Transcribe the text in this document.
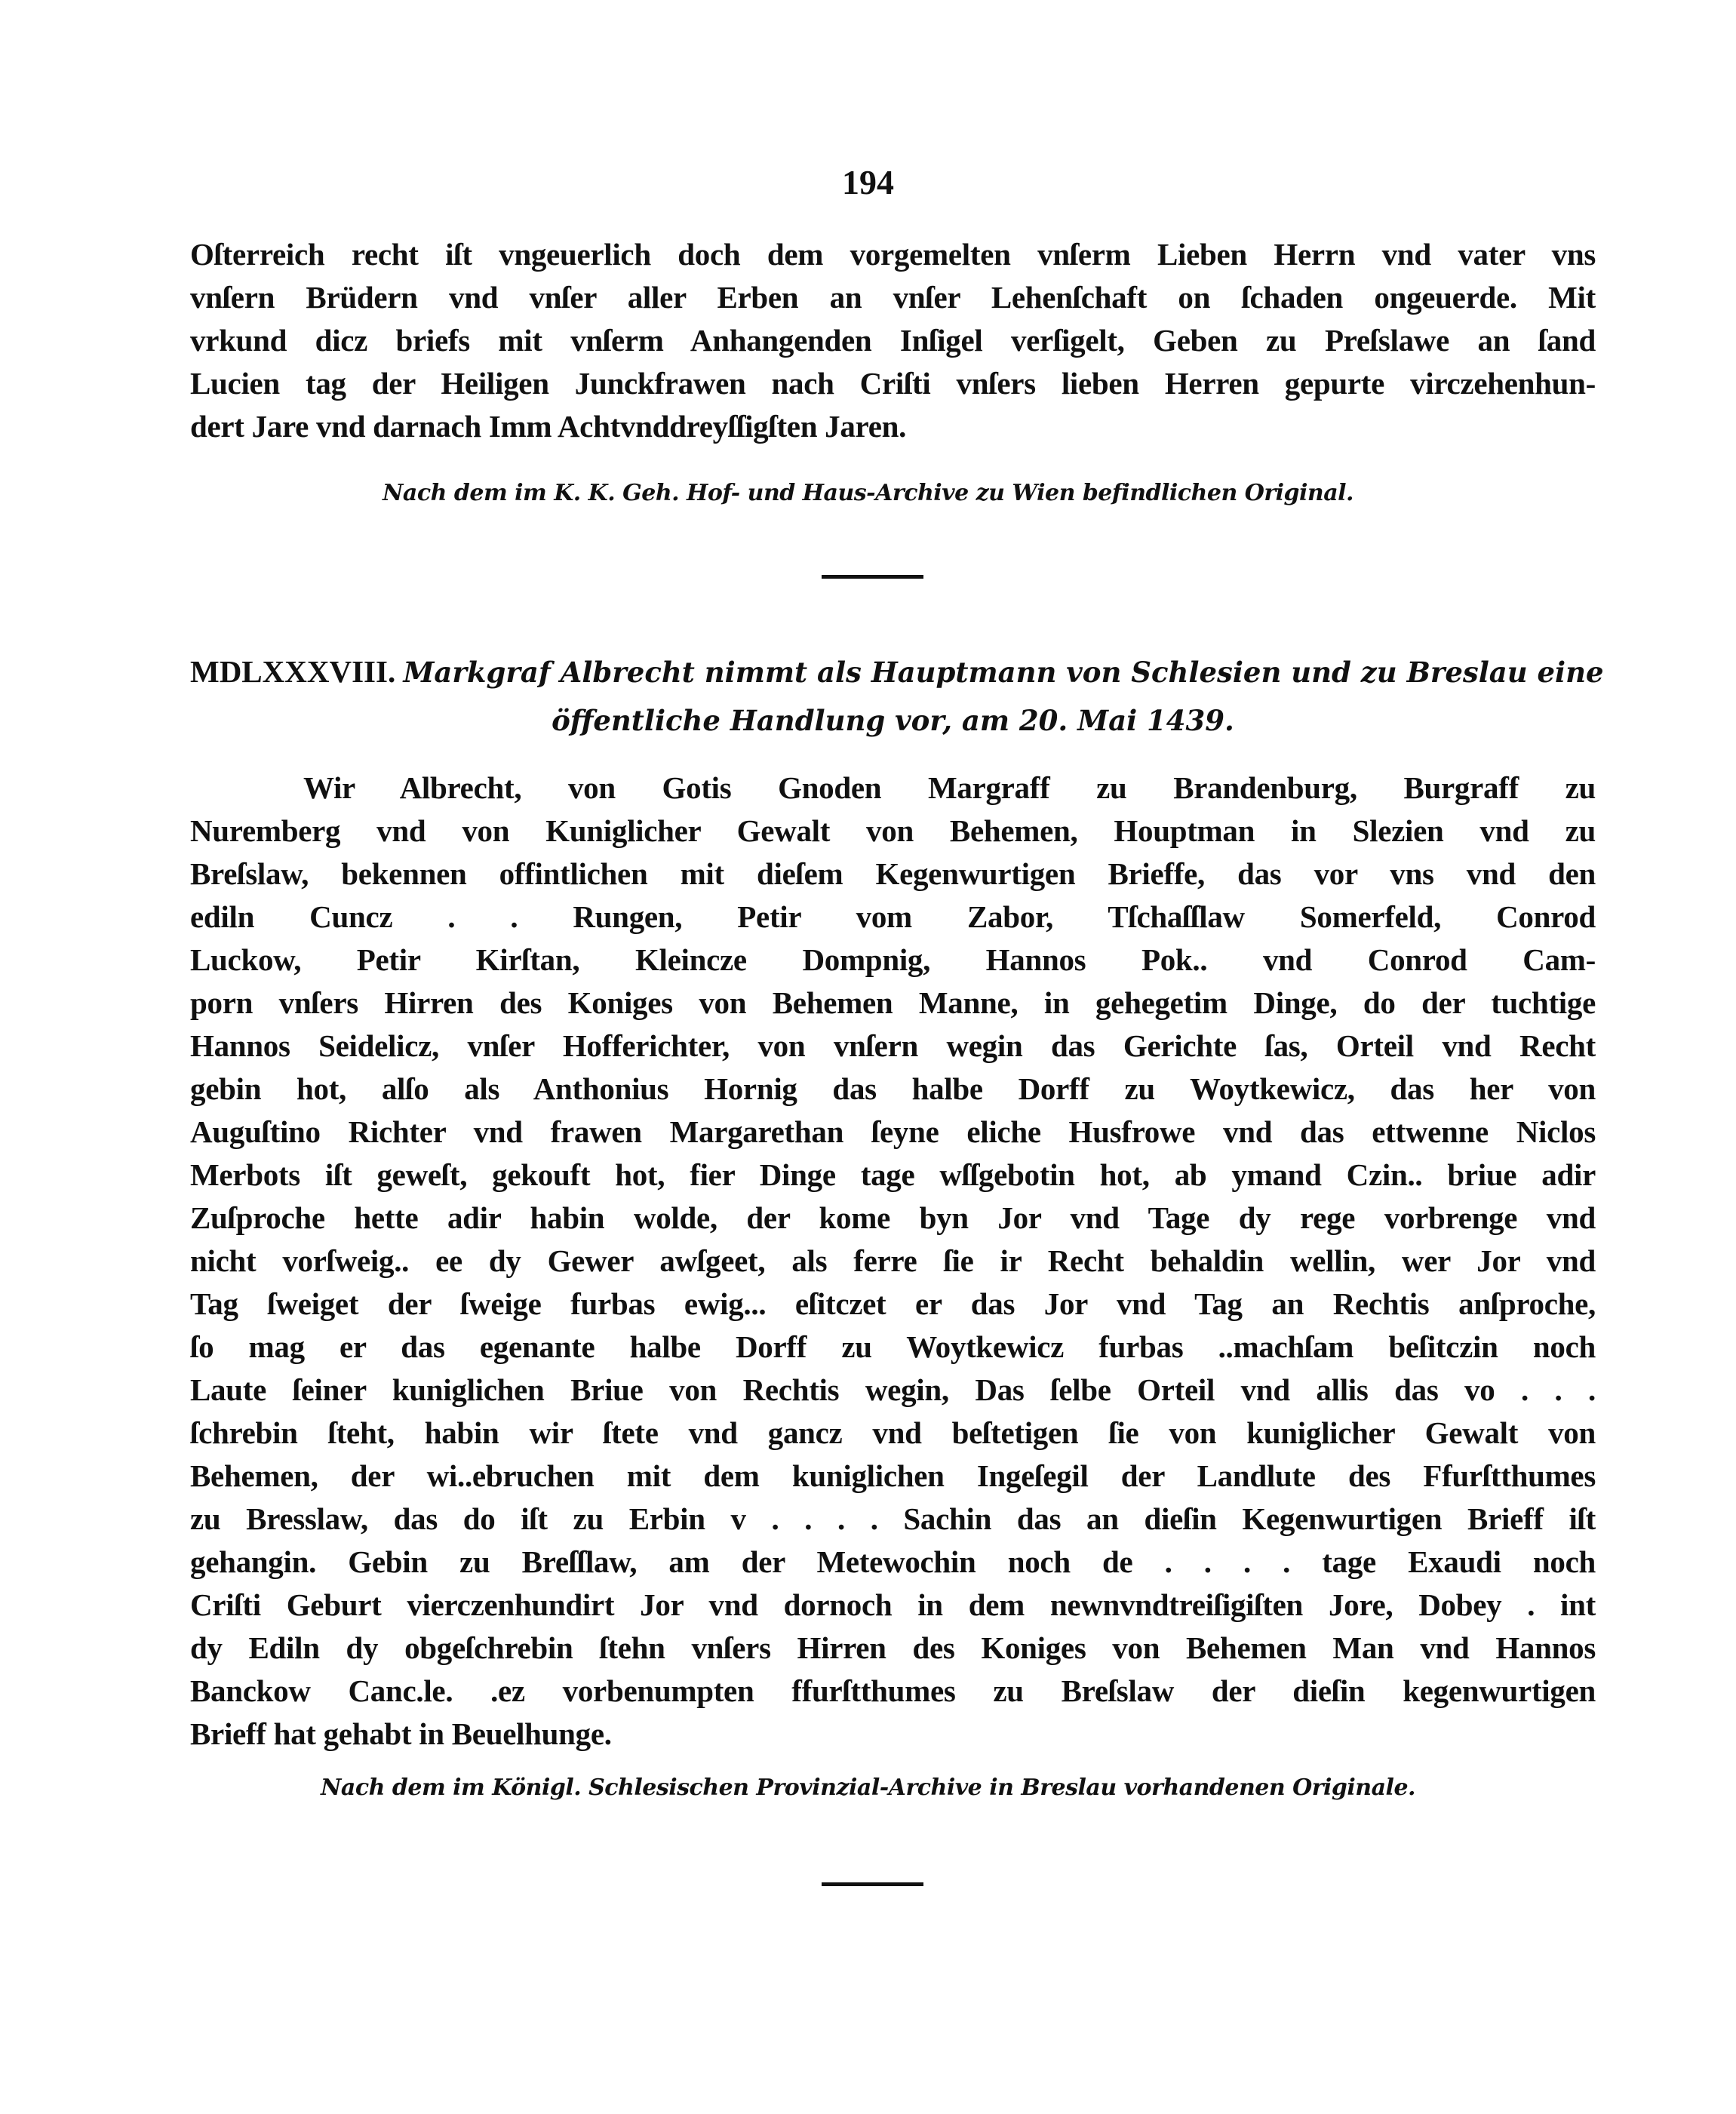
194
Oſterreich recht iſt vngeuerlich doch dem vorgemelten vnſerm Lieben Herrn vnd vater vns
vnſern Brüdern vnd vnſer aller Erben an vnſer Lehenſchaft on ſchaden ongeuerde. Mit
vrkund dicz briefs mit vnſerm Anhangenden Inſigel verſigelt, Geben zu Preſslawe an ſand
Lucien tag der Heiligen Junckfrawen nach Criſti vnſers lieben Herren gepurte virczehenhun-
dert Jare vnd darnach Imm Achtvnddreyſſigſten Jaren.
Nach dem im K. K. Geh. Hof- und Haus-Archive zu Wien befindlichen Original.
MDLXXXVIII. Markgraf Albrecht nimmt als Hauptmann von Schlesien und zu Breslau eine
öffentliche Handlung vor, am 20. Mai 1439.
Wir Albrecht, von Gotis Gnoden Margraff zu Brandenburg, Burgraff zu
Nuremberg vnd von Kuniglicher Gewalt von Behemen, Houptman in Slezien vnd zu
Breſslaw, bekennen offintlichen mit dieſem Kegenwurtigen Brieffe, das vor vns vnd den
ediln Cuncz . . Rungen, Petir vom Zabor, Tſchaſſlaw Somerfeld, Conrod
Luckow, Petir Kirſtan, Kleincze Dompnig, Hannos Pok.. vnd Conrod Cam-
porn vnſers Hirren des Koniges von Behemen Manne, in gehegetim Dinge, do der tuchtige
Hannos Seidelicz, vnſer Hofferichter, von vnſern wegin das Gerichte ſas, Orteil vnd Recht
gebin hot, alſo als Anthonius Hornig das halbe Dorff zu Woytkewicz, das her von
Auguſtino Richter vnd frawen Margarethan ſeyne eliche Husfrowe vnd das ettwenne Niclos
Merbots iſt geweſt, gekouft hot, fier Dinge tage wſſgebotin hot, ab ymand Czin.. briue adir
Zuſproche hette adir habin wolde, der kome byn Jor vnd Tage dy rege vorbrenge vnd
nicht vorſweig.. ee dy Gewer awſgeet, als ferre ſie ir Recht behaldin wellin, wer Jor vnd
Tag ſweiget der ſweige furbas ewig... eſitczet er das Jor vnd Tag an Rechtis anſproche,
ſo mag er das egenante halbe Dorff zu Woytkewicz furbas ..machſam beſitczin noch
Laute ſeiner kuniglichen Briue von Rechtis wegin, Das ſelbe Orteil vnd allis das vo . . .
ſchrebin ſteht, habin wir ſtete vnd gancz vnd beſtetigen ſie von kuniglicher Gewalt von
Behemen, der wi..ebruchen mit dem kuniglichen Ingeſegil der Landlute des Ffurſtthumes
zu Bresslaw, das do iſt zu Erbin v . . . . Sachin das an dieſin Kegenwurtigen Brieff iſt
gehangin. Gebin zu Breſſlaw, am der Metewochin noch de . . . . tage Exaudi noch
Criſti Geburt vierczenhundirt Jor vnd dornoch in dem newnvndtreiſigiſten Jore, Dobey . int
dy Ediln dy obgeſchrebin ſtehn vnſers Hirren des Koniges von Behemen Man vnd Hannos
Banckow Canc.le. .ez vorbenumpten ffurſtthumes zu Breſslaw der dieſin kegenwurtigen
Brieff hat gehabt in Beuelhunge.
Nach dem im Königl. Schlesischen Provinzial-Archive in Breslau vorhandenen Originale.
